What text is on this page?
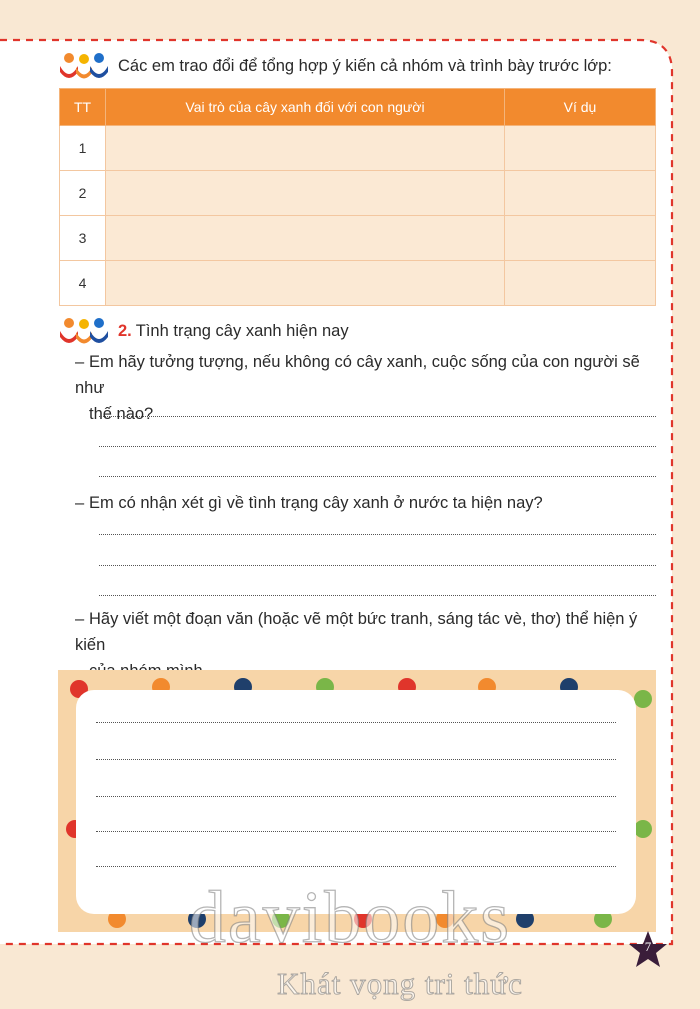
Các em trao đổi để tổng hợp ý kiến cả nhóm và trình bày trước lớp:
TT	Vai trò của cây xanh đối với con người	Ví dụ
1		
2		
3		
4		
2. Tình trạng cây xanh hiện nay
– Em hãy tưởng tượng, nếu không có cây xanh, cuộc sống của con người sẽ như
thế nào?
– Em có nhận xét gì về tình trạng cây xanh ở nước ta hiện nay?
– Hãy viết một đoạn văn (hoặc vẽ một bức tranh, sáng tác vè, thơ) thể hiện ý kiến
davibooks
Khát vọng tri thức
7
